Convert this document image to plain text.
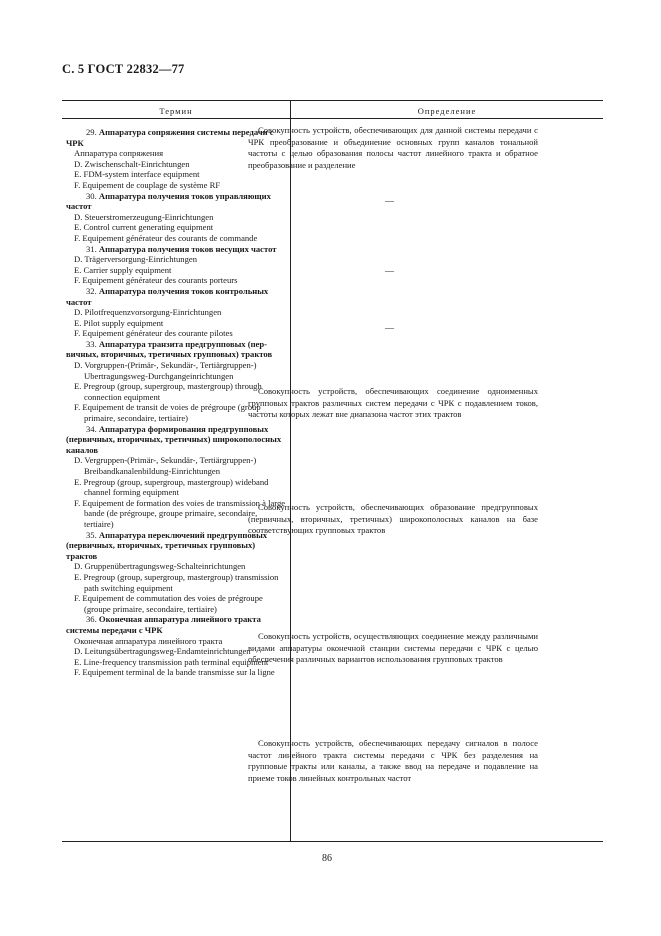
С. 5 ГОСТ 22832—77
Термин	Определение

29. Аппаратура сопряжения системы передачи с ЧРК

Аппаратура сопряжения

D. Zwischenschalt-Einrichtungen

E. FDM-system interface equipment

F. Equipement de couplage de système RF

30. Аппаратура получения токов управляющих частот

D. Steuerstromerzeugung-Einrichtungen

E. Control current generating equipment

F. Equipement générateur des courants de commande

31. Аппаратура получения токов несущих частот

D. Trägerversorgung-Einrichtungen

E. Carrier supply equipment

F. Equipement générateur des courants porteurs

32. Аппаратура получения токов контрольных частот

D. Pilotfrequenzvorsorgung-Einrichtungen

E. Pilot supply equipment

F. Equipement générateur des courante pilotes

33. Аппаратура транзита предгрупповых (первичных, вторичных, третичных групповых) трактов

D. Vorgruppen-(Primär-, Sekundär-, Tertiärgruppen-) Ubertragungsweg-Durchgangeinrichtungen

E. Pregroup (group, supergroup, mastergroup) through connection equipment

F. Equipement de transit de voies de prégroupe (group primaire, secondaire, tertiaire)

34. Аппаратура формирования предгрупповых (первичных, вторичных, третичных) широкополосных каналов

D. Vergruppen-(Primär-, Sekundär-, Tertiärgruppen-) Breibandkanalenbildung-Einrichtungen

E. Pregroup (group, supergroup, mastergroup) wideband channel forming equipment

F. Equipement de formation des voies de transmission à large bande (de prégroupe, groupe primaire, secondaire, tertiaire)

35. Аппаратура переключений предгрупповых (первичных, вторичных, третичных групповых) трактов

D. Gruppenübertragungsweg-Schalteinrichtungen

E. Pregroup (group, supergroup, mastergroup) transmission path switching equipment

F. Equipement de commutation des voies de prégroupe (groupe primaire, secondaire, tertiaire)

36. Оконечная аппаратура линейного тракта системы передачи с ЧРК

Оконечная аппаратура линейного тракта

D. Leitungsübertragungsweg-Endamteinrichtungen

E. Line-frequency transmission path terminal equipment

F. Equipement terminal de la bande transmisse sur la ligne

86

Совокупность устройств, обеспечивающих для данной системы передачи с ЧРК преобразование и объединение основных групп каналов тональной частоты с целью образования полосы частот линейного тракта и обратное преобразование и разделение

—
—
—

Совокупность устройств, обеспечивающих соединение одноименных групповых трактов различных систем передачи с ЧРК с подавлением токов, частоты которых лежат вне диапазона частот этих трактов

Совокупность устройств, обеспечивающих образование предгрупповых (первичных, вторичных, третичных) широкополосных каналов на базе соответствующих групповых трактов

Совокупность устройств, осуществляющих соединение между различными видами аппаратуры оконечной станции системы передачи с ЧРК с целью обеспечения различных вариантов использования групповых трактов

Совокупность устройств, обеспечивающих передачу сигналов в полосе частот линейного тракта системы передачи с ЧРК без разделения на групповые тракты или каналы, а также ввод на передаче и подавление на приеме токов линейных контрольных частот
